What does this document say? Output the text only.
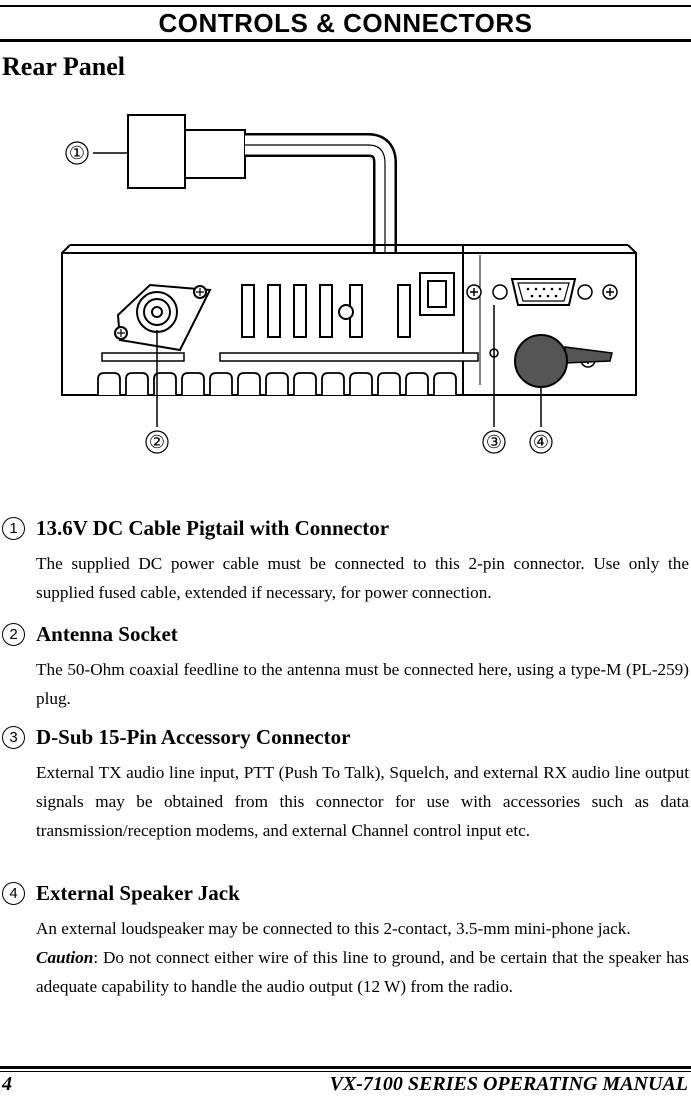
CONTROLS & CONNECTORS
Rear Panel
①
②	③ ④
1 13.6V DC Cable Pigtail with Connector
The supplied DC power cable must be connected to this 2-pin connector. Use only the supplied fused cable, extended if necessary, for power connection.
2 Antenna Socket
The 50-Ohm coaxial feedline to the antenna must be connected here, using a type-M (PL-259) plug.
3 D-Sub 15-Pin Accessory Connector
External TX audio line input, PTT (Push To Talk), Squelch, and external RX audio line output signals may be obtained from this connector for use with accessories such as data transmission/reception modems, and external Channel control input etc.
4 External Speaker Jack
An external loudspeaker may be connected to this 2-contact, 3.5-mm mini-phone jack.
Caution: Do not connect either wire of this line to ground, and be certain that the speaker has adequate capability to handle the audio output (12 W) from the radio.
4	VX-7100 SERIES OPERATING MANUAL
